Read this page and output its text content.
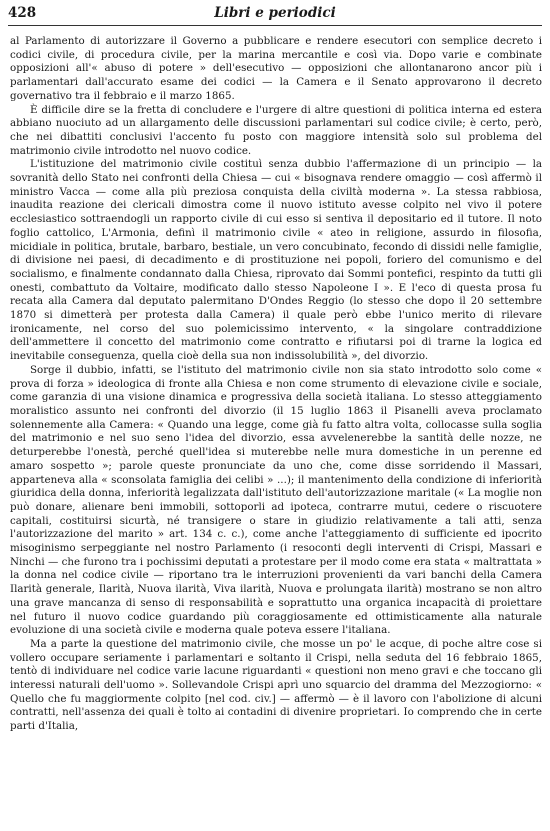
428	Libri e periodici

al Parlamento di autorizzare il Governo a pubblicare e rendere esecutori con semplice decreto i codici civile, di procedura civile, per la marina mercantile e così via. Dopo varie e combinate opposizioni all'« abuso di potere » dell'esecutivo — opposizioni che allontanarono ancor più i parlamentari dall'accurato esame dei codici — la Camera e il Senato approvarono il decreto governativo tra il febbraio e il marzo 1865.

È difficile dire se la fretta di concludere e l'urgere di altre questioni di politica interna ed estera abbiano nuociuto ad un allargamento delle discussioni parlamentari sul codice civile; è certo, però, che nei dibattiti conclusivi l'accento fu posto con maggiore intensità solo sul problema del matrimonio civile introdotto nel nuovo codice.

L'istituzione del matrimonio civile costituì senza dubbio l'affermazione di un principio — la sovranità dello Stato nei confronti della Chiesa — cui « bisognava rendere omaggio — così affermò il ministro Vacca — come alla più preziosa conquista della civiltà moderna ». La stessa rabbiosa, inaudita reazione dei clericali dimostra come il nuovo istituto avesse colpito nel vivo il potere ecclesiastico sottraendogli un rapporto civile di cui esso si sentiva il depositario ed il tutore. Il noto foglio cattolico, L'Armonia, definì il matrimonio civile « ateo in religione, assurdo in filosofia, micidiale in politica, brutale, barbaro, bestiale, un vero concubinato, fecondo di dissidi nelle famiglie, di divisione nei paesi, di decadimento e di prostituzione nei popoli, foriero del comunismo e del socialismo, e finalmente condannato dalla Chiesa, riprovato dai Sommi pontefici, respinto da tutti gli onesti, combattuto da Voltaire, modificato dallo stesso Napoleone I ». E l'eco di questa prosa fu recata alla Camera dal deputato palermitano D'Ondes Reggio (lo stesso che dopo il 20 settembre 1870 si dimetterà per protesta dalla Camera) il quale però ebbe l'unico merito di rilevare ironicamente, nel corso del suo polemicissimo intervento, « la singolare contraddizione dell'ammettere il concetto del matrimonio come contratto e rifiutarsi poi di trarne la logica ed inevitabile conseguenza, quella cioè della sua non indissolubilità », del divorzio.

Sorge il dubbio, infatti, se l'istituto del matrimonio civile non sia stato introdotto solo come « prova di forza » ideologica di fronte alla Chiesa e non come strumento di elevazione civile e sociale, come garanzia di una visione dinamica e progressiva della società italiana. Lo stesso atteggiamento moralistico assunto nei confronti del divorzio (il 15 luglio 1863 il Pisanelli aveva proclamato solennemente alla Camera: « Quando una legge, come già fu fatto altra volta, collocasse sulla soglia del matrimonio e nel suo seno l'idea del divorzio, essa avvelenerebbe la santità delle nozze, ne deturperebbe l'onestà, perché quell'idea si muterebbe nelle mura domestiche in un perenne ed amaro sospetto »; parole queste pronunciate da uno che, come disse sorridendo il Massari, apparteneva alla « sconsolata famiglia dei celibi » ...); il mantenimento della condizione di inferiorità giuridica della donna, inferiorità legalizzata dall'istituto dell'autorizzazione maritale (« La moglie non può donare, alienare beni immobili, sottoporli ad ipoteca, contrarre mutui, cedere o riscuotere capitali, costituirsi sicurtà, né transigere o stare in giudizio relativamente a tali atti, senza l'autorizzazione del marito » art. 134 c. c.), come anche l'atteggiamento di sufficiente ed ipocrito misoginismo serpeggiante nel nostro Parlamento (i resoconti degli interventi di Crispi, Massari e Ninchi — che furono tra i pochissimi deputati a protestare per il modo come era stata « maltrattata » la donna nel codice civile — riportano tra le interruzioni provenienti da vari banchi della Camera Ilarità generale, Ilarità, Nuova ilarità, Viva ilarità, Nuova e prolungata ilarità) mostrano se non altro una grave mancanza di senso di responsabilità e soprattutto una organica incapacità di proiettare nel futuro il nuovo codice guardando più coraggiosamente ed ottimisticamente alla naturale evoluzione di una società civile e moderna quale poteva essere l'italiana.

Ma a parte la questione del matrimonio civile, che mosse un po' le acque, di poche altre cose si vollero occupare seriamente i parlamentari e soltanto il Crispi, nella seduta del 16 febbraio 1865, tentò di individuare nel codice varie lacune riguardanti « questioni non meno gravi e che toccano gli interessi naturali dell'uomo ». Sollevandole Crispi aprì uno squarcio del dramma del Mezzogiorno: « Quello che fu maggiormente colpito [nel cod. civ.] — affermò — è il lavoro con l'abolizione di alcuni contratti, nell'assenza dei quali è tolto ai contadini di divenire proprietari. Io comprendo che in certe parti d'Italia,
